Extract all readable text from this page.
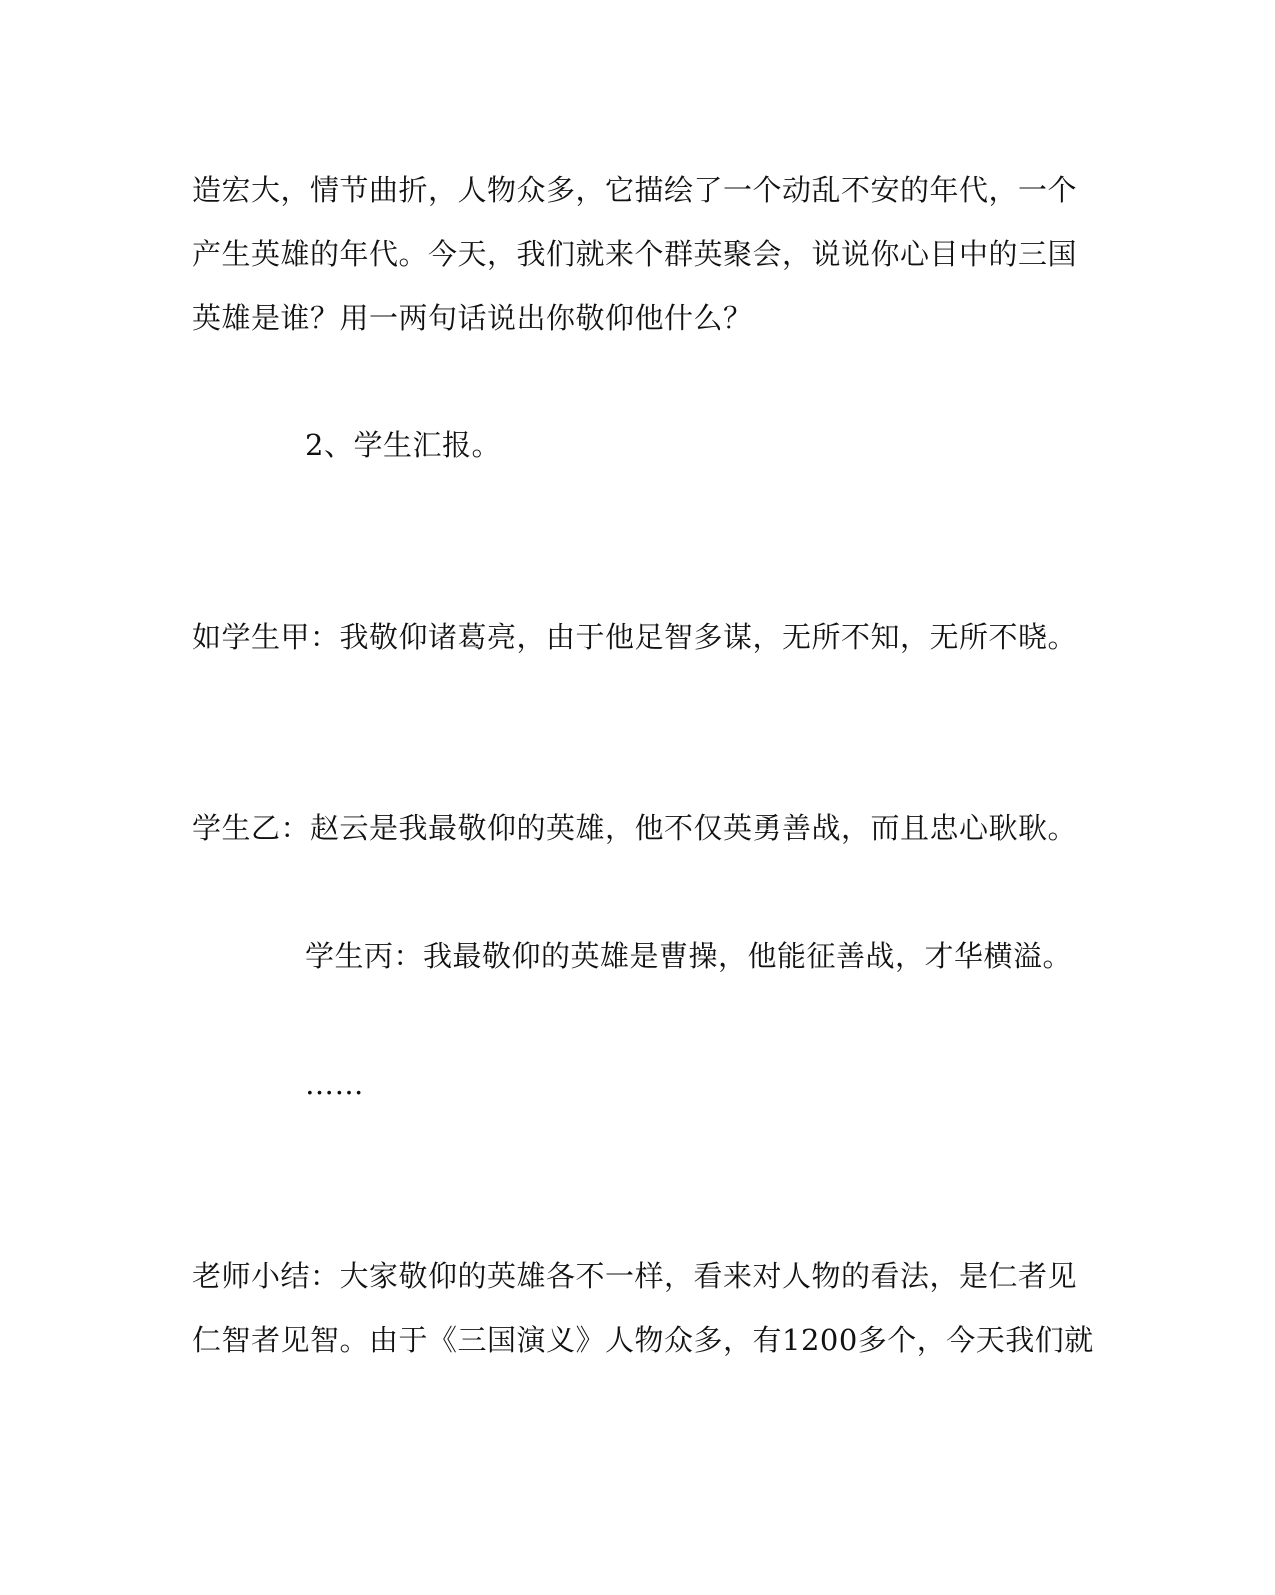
造宏大，情节曲折，人物众多，它描绘了一个动乱不安的年代，一个
产生英雄的年代。今天，我们就来个群英聚会，说说你心目中的三国
英雄是谁？用一两句话说出你敬仰他什么？
2、学生汇报。
如学生甲：我敬仰诸葛亮，由于他足智多谋，无所不知，无所不晓。
学生乙：赵云是我最敬仰的英雄，他不仅英勇善战，而且忠心耿耿。
学生丙：我最敬仰的英雄是曹操，他能征善战，才华横溢。
……
老师小结：大家敬仰的英雄各不一样，看来对人物的看法，是仁者见
仁智者见智。由于《三国演义》人物众多，有1200多个，今天我们就
